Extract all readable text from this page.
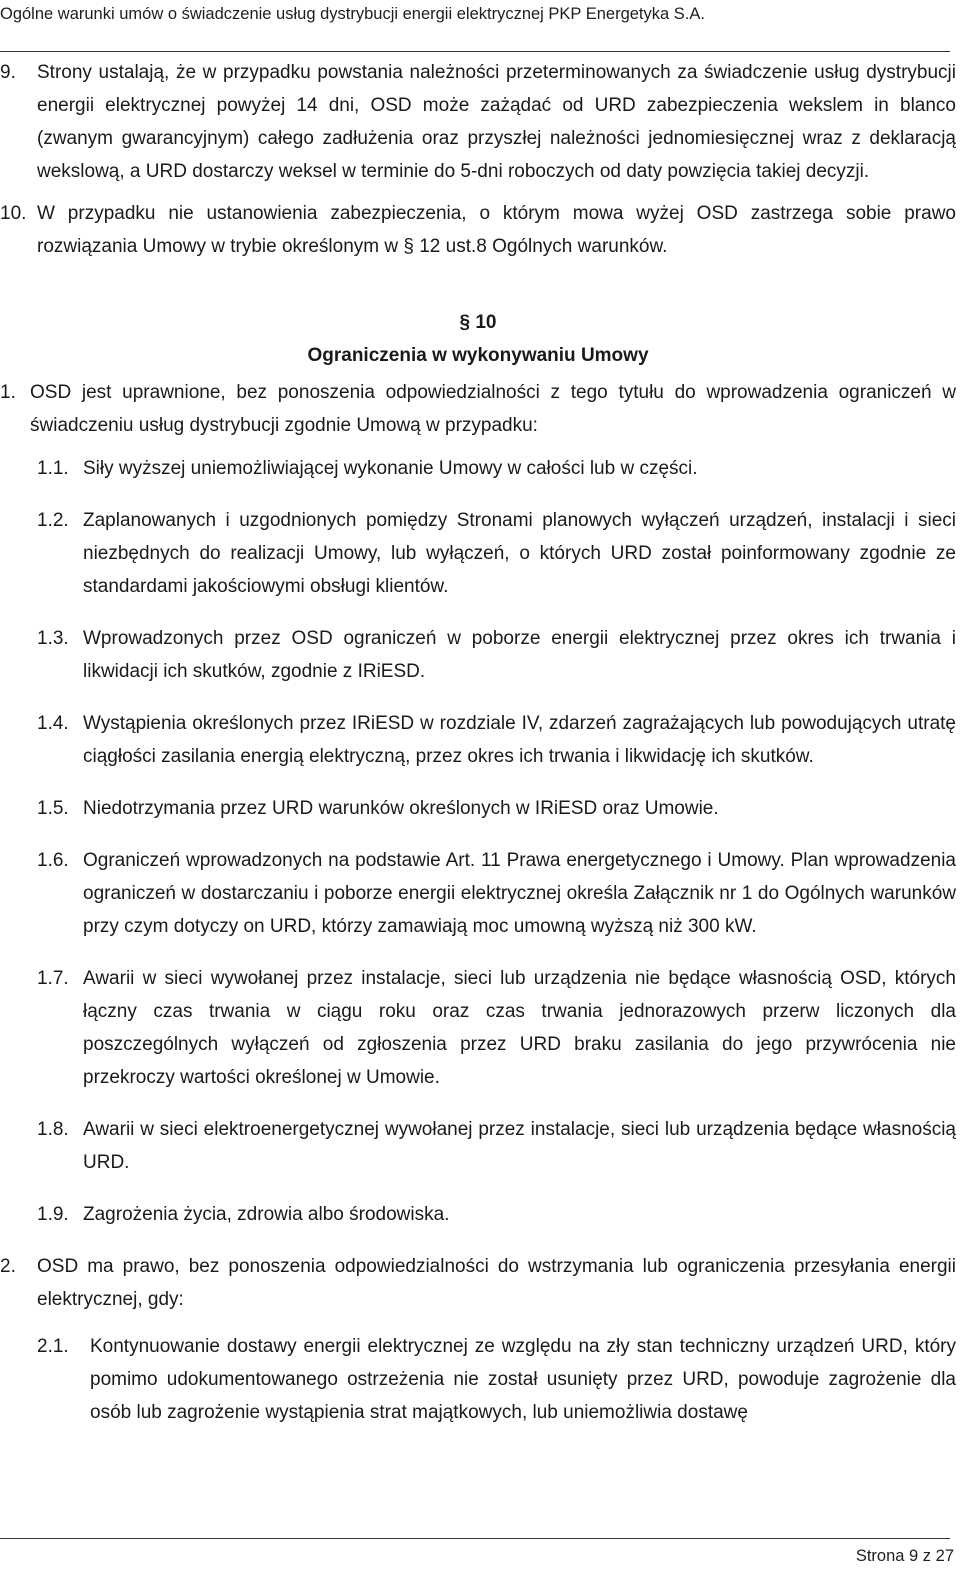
Ogólne warunki umów o świadczenie usług dystrybucji energii elektrycznej PKP Energetyka S.A.

9. Strony ustalają, że w przypadku powstania należności przeterminowanych za świadczenie usług dystrybucji energii elektrycznej powyżej 14 dni, OSD może zażądać od URD zabezpieczenia wekslem in blanco (zwanym gwarancyjnym) całego zadłużenia oraz przyszłej należności jednomiesięcznej wraz z deklaracją wekslową, a URD dostarczy weksel w terminie do 5-dni roboczych od daty powzięcia takiej decyzji.

10. W przypadku nie ustanowienia zabezpieczenia, o którym mowa wyżej OSD zastrzega sobie prawo rozwiązania Umowy w trybie określonym w § 12 ust.8 Ogólnych warunków.

§ 10
Ograniczenia w wykonywaniu Umowy

1. OSD jest uprawnione, bez ponoszenia odpowiedzialności z tego tytułu do wprowadzenia ograniczeń w świadczeniu usług dystrybucji zgodnie Umową w przypadku:

1.1. Siły wyższej uniemożliwiającej wykonanie Umowy w całości lub w części.

1.2. Zaplanowanych i uzgodnionych pomiędzy Stronami planowych wyłączeń urządzeń, instalacji i sieci niezbędnych do realizacji Umowy, lub wyłączeń, o których URD został poinformowany zgodnie ze standardami jakościowymi obsługi klientów.

1.3. Wprowadzonych przez OSD ograniczeń w poborze energii elektrycznej przez okres ich trwania i likwidacji ich skutków, zgodnie z IRiESD.

1.4. Wystąpienia określonych przez IRiESD w rozdziale IV, zdarzeń zagrażających lub powodujących utratę ciągłości zasilania energią elektryczną, przez okres ich trwania i likwidację ich skutków.

1.5. Niedotrzymania przez URD warunków określonych w IRiESD oraz Umowie.

1.6. Ograniczeń wprowadzonych na podstawie Art. 11 Prawa energetycznego i Umowy. Plan wprowadzenia ograniczeń w dostarczaniu i poborze energii elektrycznej określa Załącznik nr 1 do Ogólnych warunków przy czym dotyczy on URD, którzy zamawiają moc umowną wyższą niż 300 kW.

1.7. Awarii w sieci wywołanej przez instalacje, sieci lub urządzenia nie będące własnością OSD, których łączny czas trwania w ciągu roku oraz czas trwania jednorazowych przerw liczonych dla poszczególnych wyłączeń od zgłoszenia przez URD braku zasilania do jego przywrócenia nie przekroczy wartości określonej w Umowie.

1.8. Awarii w sieci elektroenergetycznej wywołanej przez instalacje, sieci lub urządzenia będące własnością URD.

1.9. Zagrożenia życia, zdrowia albo środowiska.

2. OSD ma prawo, bez ponoszenia odpowiedzialności do wstrzymania lub ograniczenia przesyłania energii elektrycznej, gdy:

2.1. Kontynuowanie dostawy energii elektrycznej ze względu na zły stan techniczny urządzeń URD, który pomimo udokumentowanego ostrzeżenia nie został usunięty przez URD, powoduje zagrożenie dla osób lub zagrożenie wystąpienia strat majątkowych, lub uniemożliwia dostawę

Strona 9 z 27
